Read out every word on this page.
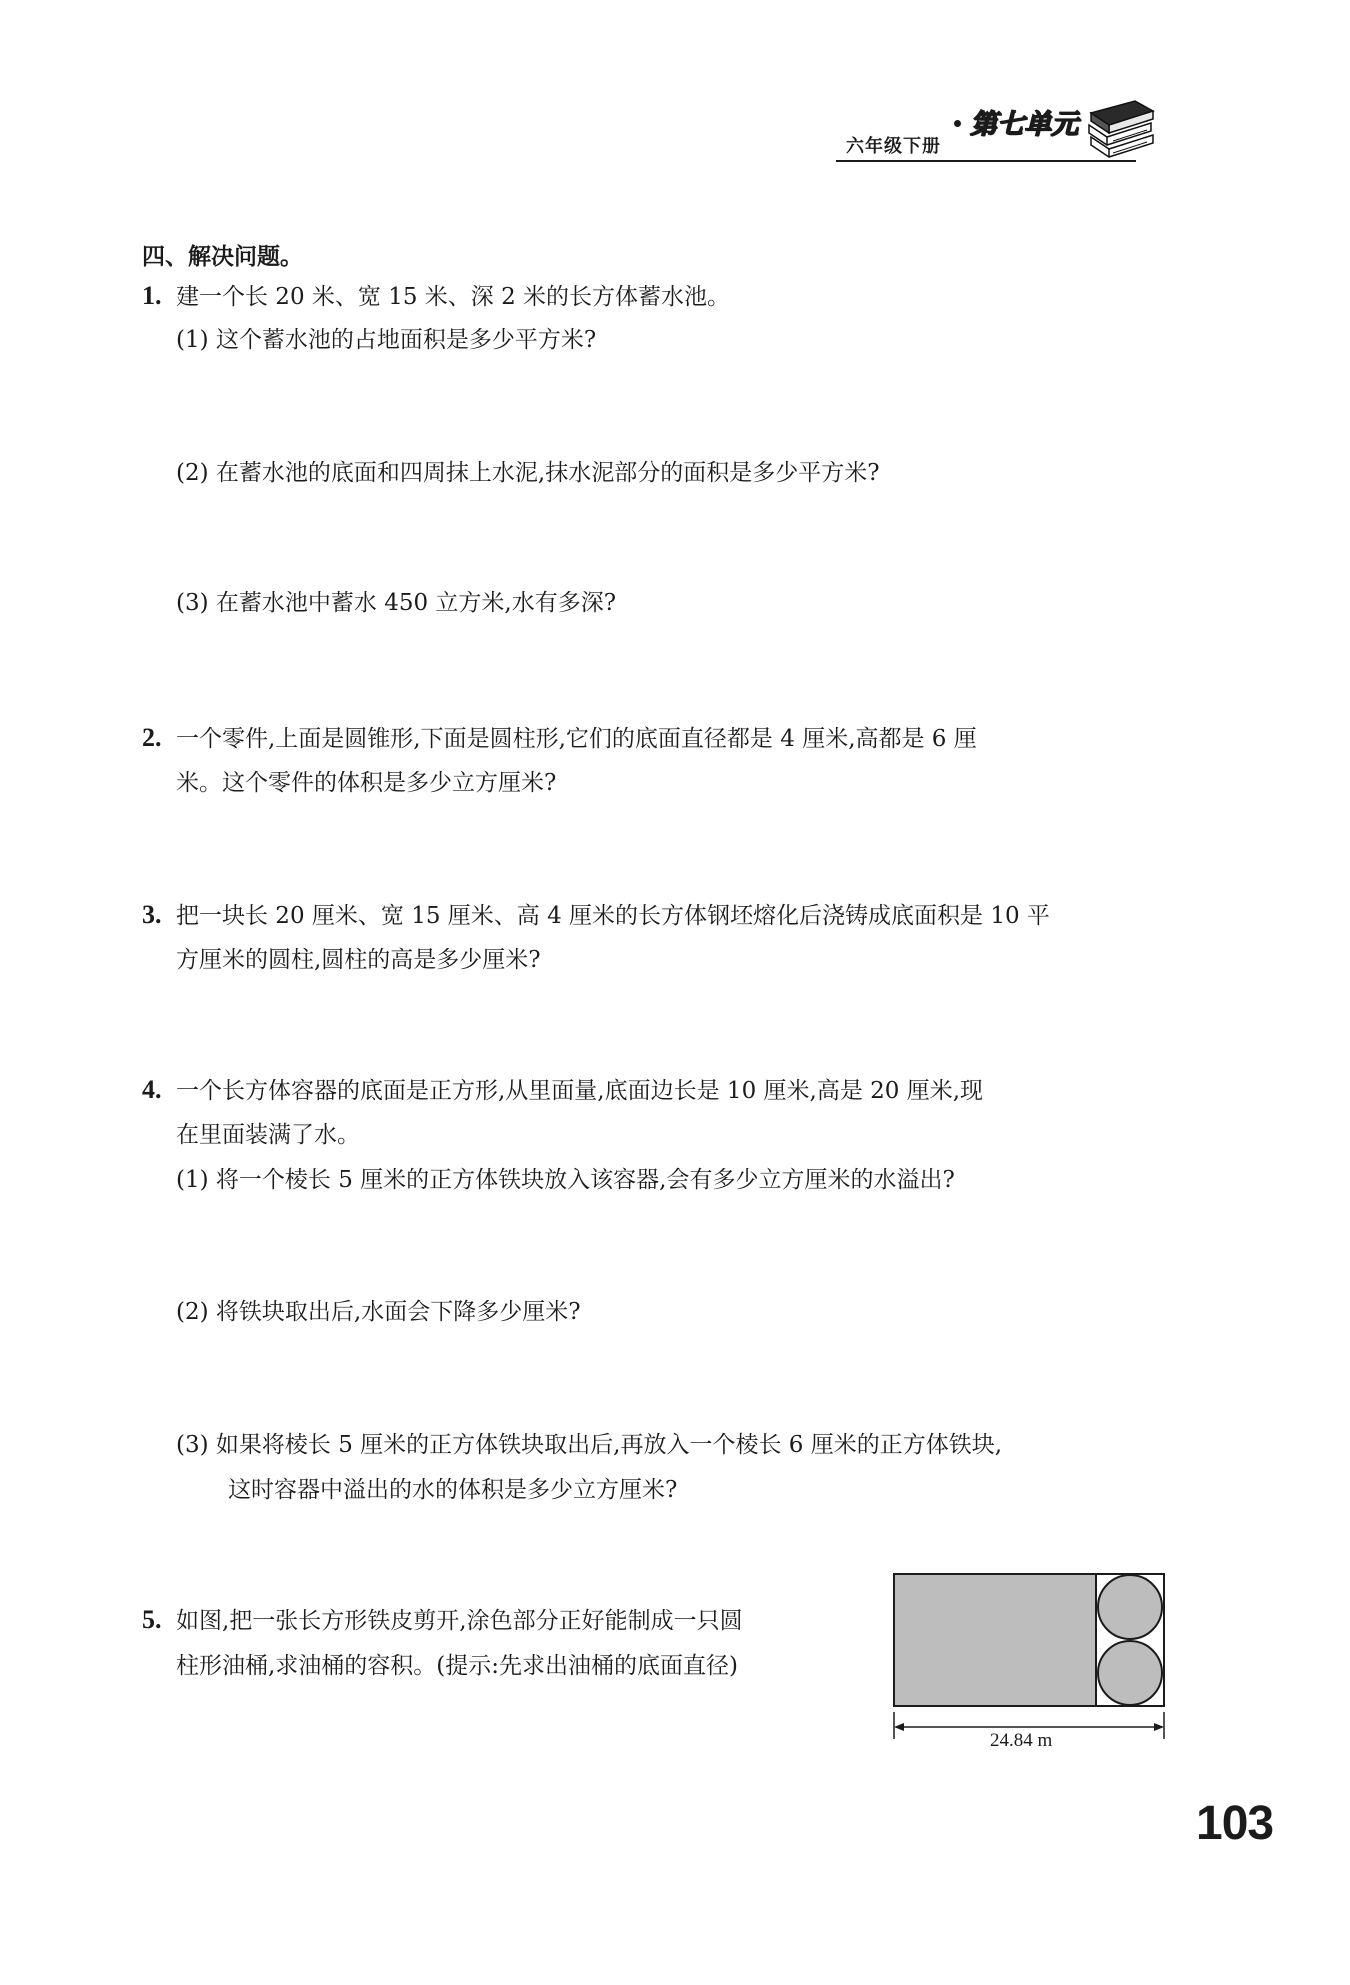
六年级下册
第七单元
四、解决问题。
1. 建一个长 20 米、宽 15 米、深 2 米的长方体蓄水池。
(1) 这个蓄水池的占地面积是多少平方米?
(2) 在蓄水池的底面和四周抹上水泥,抹水泥部分的面积是多少平方米?
(3) 在蓄水池中蓄水 450 立方米,水有多深?
2. 一个零件,上面是圆锥形,下面是圆柱形,它们的底面直径都是 4 厘米,高都是 6 厘
米。这个零件的体积是多少立方厘米?
3. 把一块长 20 厘米、宽 15 厘米、高 4 厘米的长方体钢坯熔化后浇铸成底面积是 10 平
方厘米的圆柱,圆柱的高是多少厘米?
4. 一个长方体容器的底面是正方形,从里面量,底面边长是 10 厘米,高是 20 厘米,现
在里面装满了水。
(1) 将一个棱长 5 厘米的正方体铁块放入该容器,会有多少立方厘米的水溢出?
(2) 将铁块取出后,水面会下降多少厘米?
(3) 如果将棱长 5 厘米的正方体铁块取出后,再放入一个棱长 6 厘米的正方体铁块,
这时容器中溢出的水的体积是多少立方厘米?
5. 如图,把一张长方形铁皮剪开,涂色部分正好能制成一只圆
柱形油桶,求油桶的容积。(提示:先求出油桶的底面直径)
24.84 m
103
